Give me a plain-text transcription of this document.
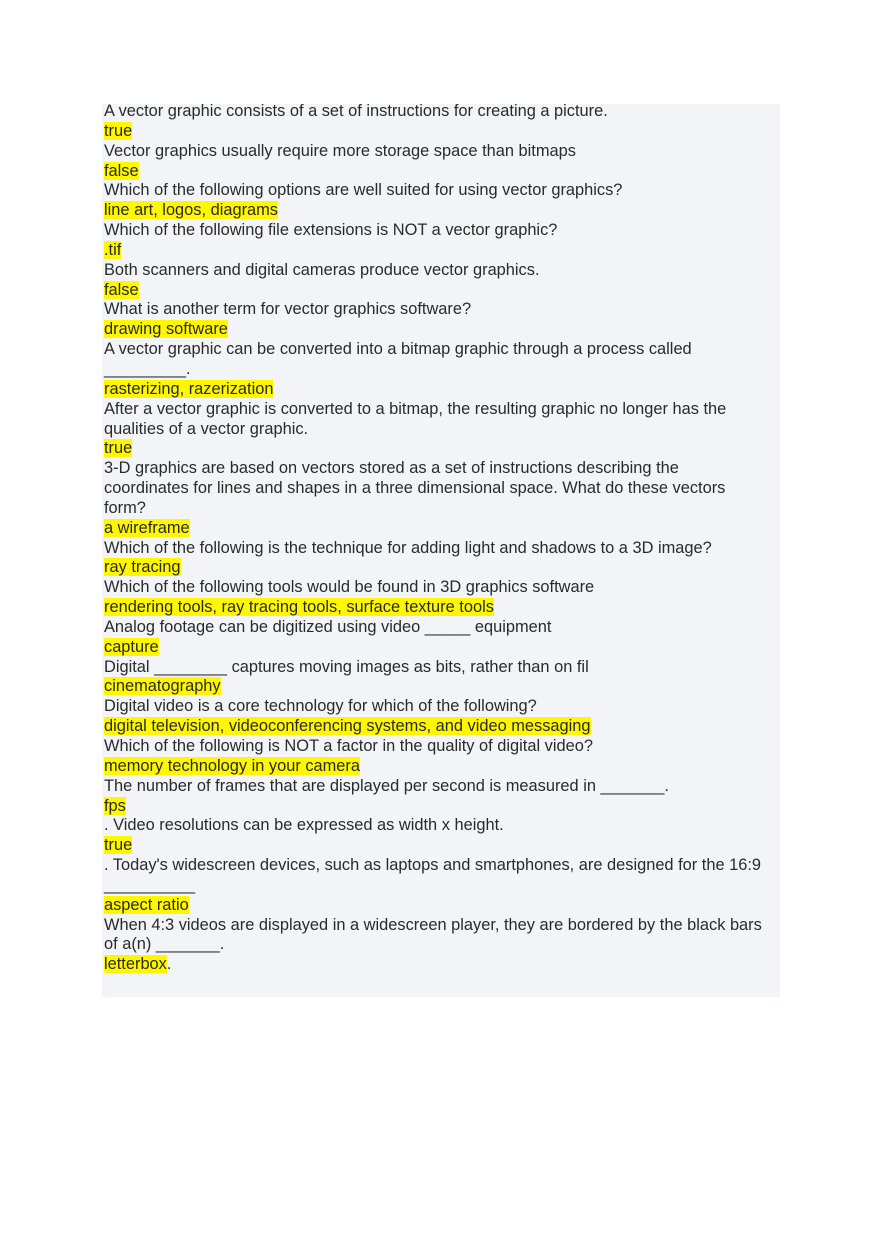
A vector graphic consists of a set of instructions for creating a picture.
true
Vector graphics usually require more storage space than bitmaps
false
Which of the following options are well suited for using vector graphics?
line art, logos, diagrams
Which of the following file extensions is NOT a vector graphic?
.tif
Both scanners and digital cameras produce vector graphics.
false
What is another term for vector graphics software?
drawing software
A vector graphic can be converted into a bitmap graphic through a process called _________.
rasterizing, razerization
After a vector graphic is converted to a bitmap, the resulting graphic no longer has the qualities of a vector graphic.
true
3-D graphics are based on vectors stored as a set of instructions describing the coordinates for lines and shapes in a three dimensional space. What do these vectors form?
a wireframe
Which of the following is the technique for adding light and shadows to a 3D image?
ray tracing
Which of the following tools would be found in 3D graphics software
rendering tools, ray tracing tools, surface texture tools
Analog footage can be digitized using video _____ equipment
capture
Digital ________ captures moving images as bits, rather than on fil
cinematography
Digital video is a core technology for which of the following?
digital television, videoconferencing systems, and video messaging
Which of the following is NOT a factor in the quality of digital video?
memory technology in your camera
The number of frames that are displayed per second is measured in _______.
fps
. Video resolutions can be expressed as width x height.
true
. Today's widescreen devices, such as laptops and smartphones, are designed for the 16:9 __________
aspect ratio
When 4:3 videos are displayed in a widescreen player, they are bordered by the black bars of a(n) _______.
letterbox.
